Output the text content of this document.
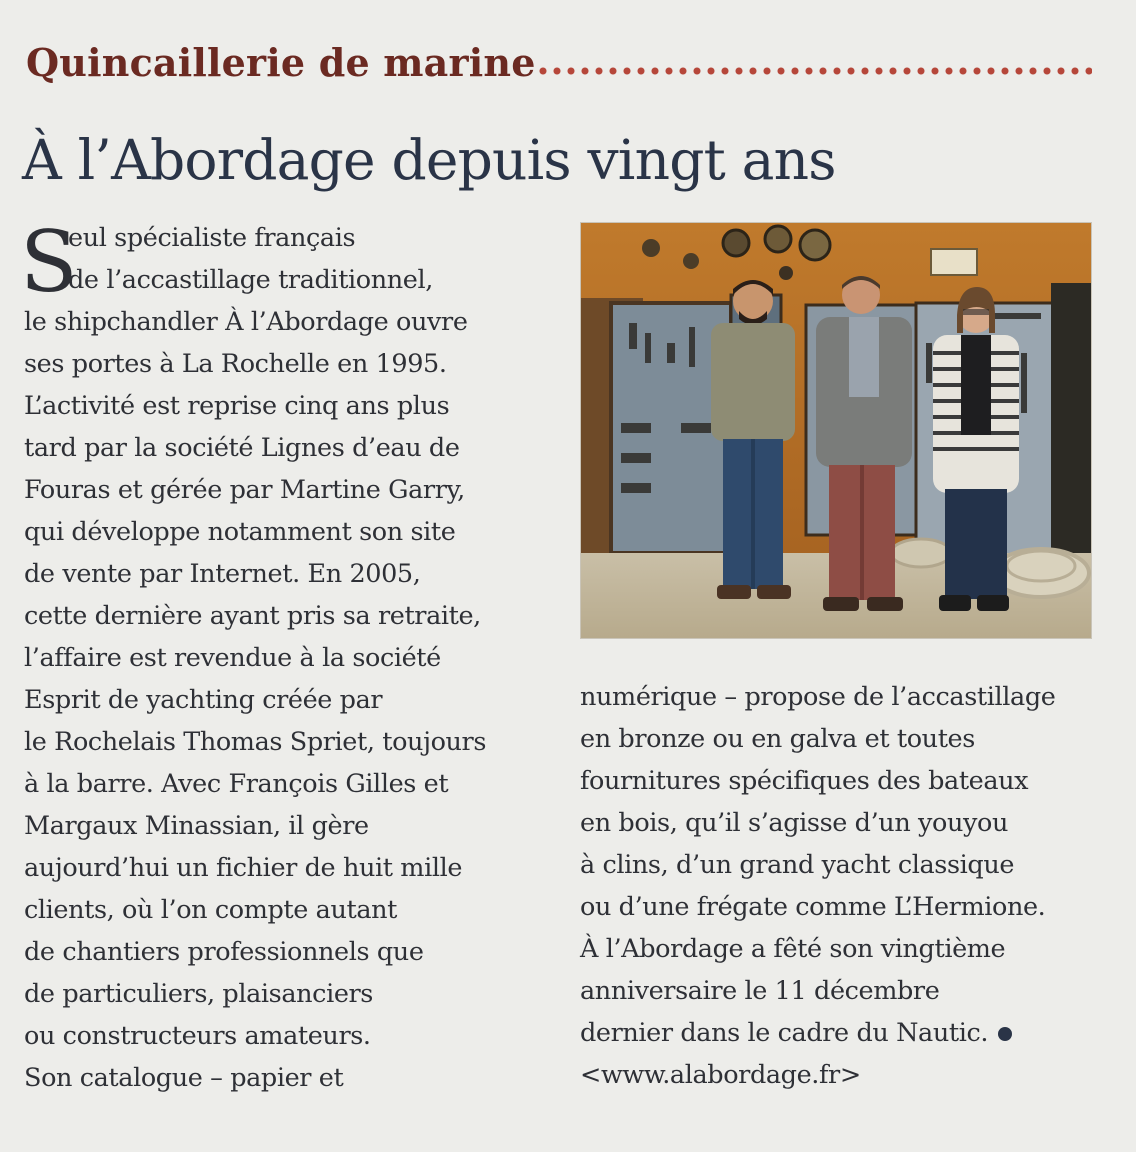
Quincaillerie de marine
À l’Abordage depuis vingt ans
S
eul spécialiste français
de l’accastillage traditionnel,
le shipchandler À l’Abordage ouvre
ses portes à La Rochelle en 1995.
L’activité est reprise cinq ans plus
tard par la société Lignes d’eau de
Fouras et gérée par Martine Garry,
qui développe notamment son site
de vente par Internet. En 2005,
cette dernière ayant pris sa retraite,
l’affaire est revendue à la société
Esprit de yachting créée par
le Rochelais Thomas Spriet, toujours
à la barre. Avec François Gilles et
Margaux Minassian, il gère
aujourd’hui un fichier de huit mille
clients, où l’on compte autant
de chantiers professionnels que
de particuliers, plaisanciers
ou constructeurs amateurs.
Son catalogue – papier et
numérique – propose de l’accastillage
en bronze ou en galva et toutes
fournitures spécifiques des bateaux
en bois, qu’il s’agisse d’un youyou
à clins, d’un grand yacht classique
ou d’une frégate comme L’Hermione.
À l’Abordage a fêté son vingtième
anniversaire le 11 décembre
dernier dans le cadre du Nautic.
<www.alabordage.fr>
